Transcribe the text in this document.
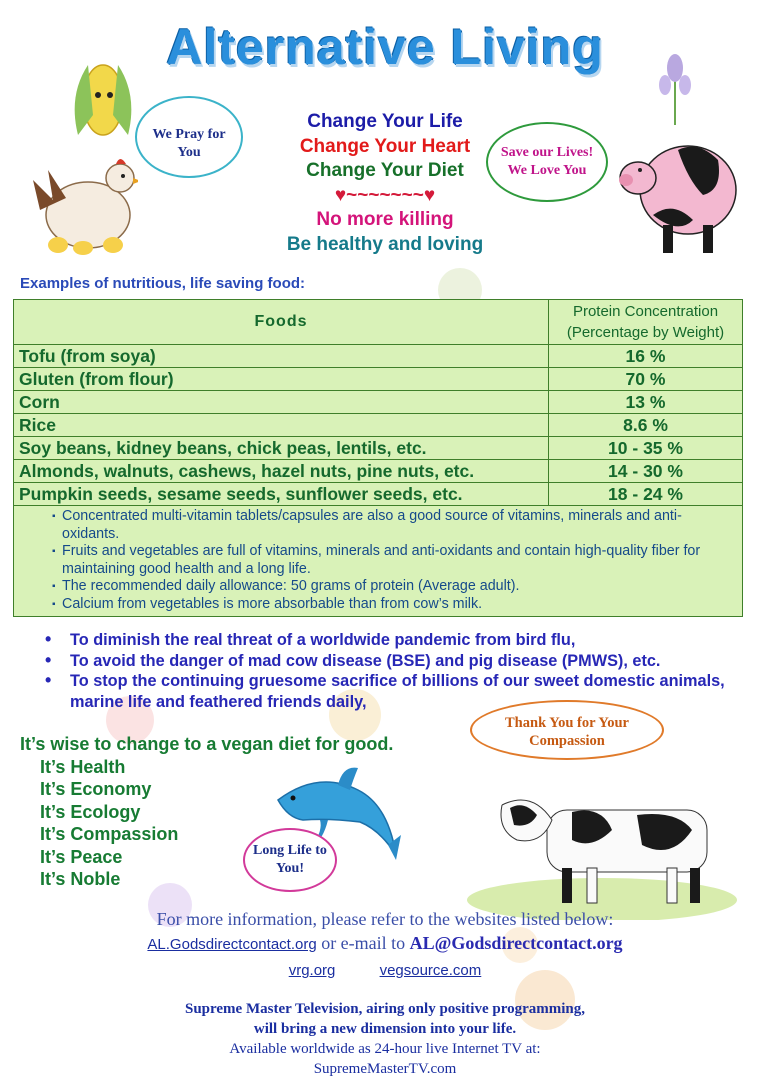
We Pray for You	Save our Lives! We Love You
Alternative Living
Change Your Life
Change Your Heart
Change Your Diet
♥~~~~~~~♥
No more killing
Be healthy and loving
Examples of nutritious, life saving food:
Foods	Protein Concentration
(Percentage by Weight)

Tofu (from soya)	16 %
Gluten (from flour)	70 %
Corn	13 %
Rice	8.6 %
Soy beans, kidney beans, chick peas, lentils, etc.	10 - 35 %
Almonds, walnuts, cashews, hazel nuts, pine nuts, etc.	14 - 30 %
Pumpkin seeds, sesame seeds, sunflower seeds, etc.	18 - 24 %

▪ Concentrated multi-vitamin tablets/capsules are also a good source of vitamins, minerals and anti-oxidants.
▪ Fruits and vegetables are full of vitamins, minerals and anti-oxidants and contain high-quality fiber for maintaining good health and a long life.
▪ The recommended daily allowance: 50 grams of protein (Average adult).
▪ Calcium from vegetables is more absorbable than from cow’s milk.
• To diminish the real threat of a worldwide pandemic from bird flu,
• To avoid the danger of mad cow disease (BSE) and pig disease (PMWS), etc.
• To stop the continuing gruesome sacrifice of billions of our sweet domestic animals, marine life and feathered friends daily,
Thank You for Your Compassion
It’s wise to change to a vegan diet for good.
It’s Health
It’s Economy
It’s Ecology
It’s Compassion
It’s Peace
It’s Noble
Long Life to You!
For more information, please refer to the websites listed below:
AL.Godsdirectcontact.org or e-mail to AL@Godsdirectcontact.org
vrg.org	vegsource.com
Supreme Master Television, airing only positive programming,
will bring a new dimension into your life.
Available worldwide as 24-hour live Internet TV at:
SupremeMasterTV.com
